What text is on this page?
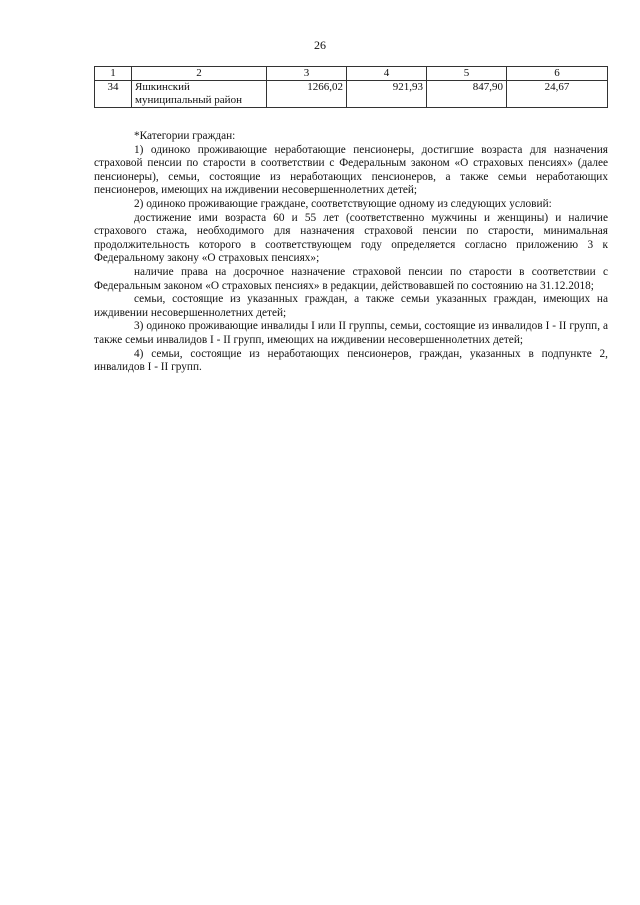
26
1	2	3	4	5	6
34	Яшкинский муниципальный район	1266,02	921,93	847,90	24,67

*Категории граждан:

1) одиноко проживающие неработающие пенсионеры, достигшие возраста для назначения страховой пенсии по старости в соответствии с Федеральным законом «О страховых пенсиях» (далее пенсионеры), семьи, состоящие из неработающих пенсионеров, а также семьи неработающих пенсионеров, имеющих на иждивении несовершеннолетних детей;

2) одиноко проживающие граждане, соответствующие одному из следующих условий:

достижение ими возраста 60 и 55 лет (соответственно мужчины и женщины) и наличие страхового стажа, необходимого для назначения страховой пенсии по старости, минимальная продолжительность которого в соответствующем году определяется согласно приложению 3 к Федеральному закону «О страховых пенсиях»;

наличие права на досрочное назначение страховой пенсии по старости в соответствии с Федеральным законом «О страховых пенсиях» в редакции, действовавшей по состоянию на 31.12.2018;

семьи, состоящие из указанных граждан, а также семьи указанных граждан, имеющих на иждивении несовершеннолетних детей;

3) одиноко проживающие инвалиды I или II группы, семьи, состоящие из инвалидов I - II групп, а также семьи инвалидов I - II групп, имеющих на иждивении несовершеннолетних детей;

4) семьи, состоящие из неработающих пенсионеров, граждан, указанных в подпункте 2, инвалидов I - II групп.
